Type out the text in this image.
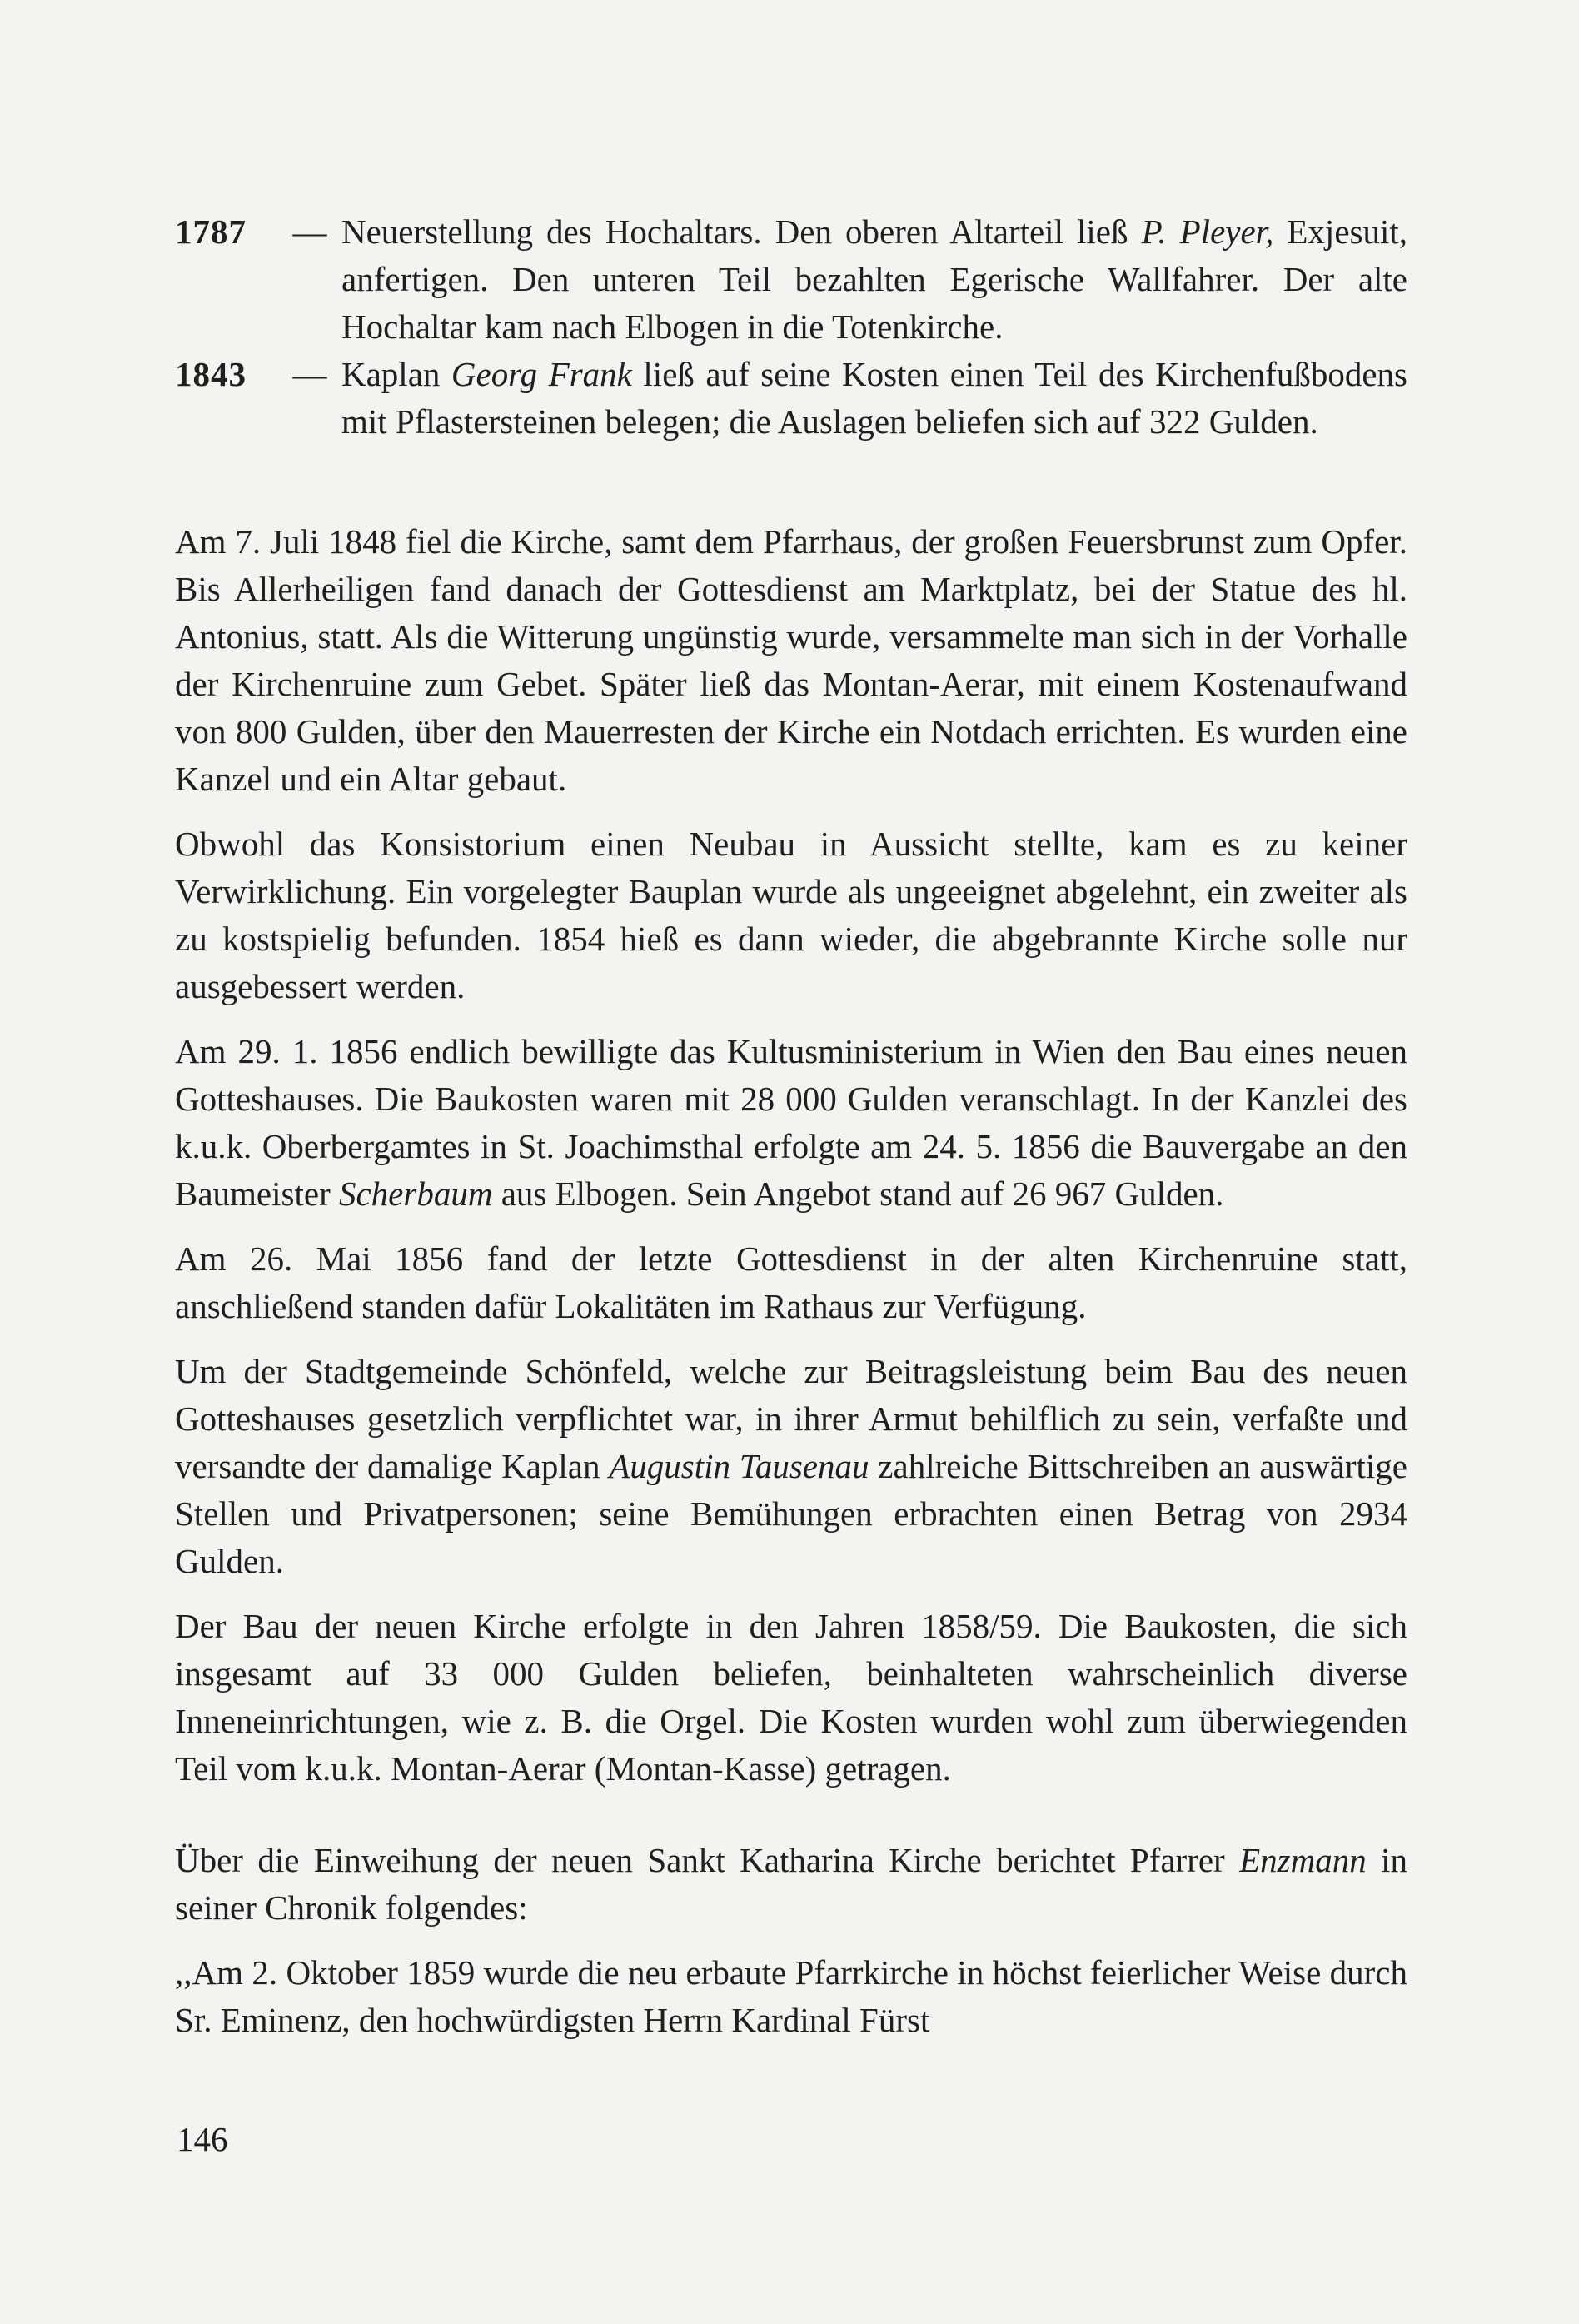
1787	— Neuerstellung des Hochaltars. Den oberen Altarteil ließ P. Pleyer, Exjesuit, anfertigen. Den unteren Teil bezahlten Egerische Wallfahrer. Der alte Hochaltar kam nach Elbogen in die Totenkirche.
1843	— Kaplan Georg Frank ließ auf seine Kosten einen Teil des Kirchenfußbodens mit Pflastersteinen belegen; die Auslagen beliefen sich auf 322 Gulden.

Am 7. Juli 1848 fiel die Kirche, samt dem Pfarrhaus, der großen Feuersbrunst zum Opfer. Bis Allerheiligen fand danach der Gottesdienst am Marktplatz, bei der Statue des hl. Antonius, statt. Als die Witterung ungünstig wurde, versammelte man sich in der Vorhalle der Kirchenruine zum Gebet. Später ließ das Montan-Aerar, mit einem Kostenaufwand von 800 Gulden, über den Mauerresten der Kirche ein Notdach errichten. Es wurden eine Kanzel und ein Altar gebaut.

Obwohl das Konsistorium einen Neubau in Aussicht stellte, kam es zu keiner Verwirklichung. Ein vorgelegter Bauplan wurde als ungeeignet abgelehnt, ein zweiter als zu kostspielig befunden. 1854 hieß es dann wieder, die abgebrannte Kirche solle nur ausgebessert werden.

Am 29. 1. 1856 endlich bewilligte das Kultusministerium in Wien den Bau eines neuen Gotteshauses. Die Baukosten waren mit 28 000 Gulden veranschlagt. In der Kanzlei des k.u.k. Oberbergamtes in St. Joachimsthal erfolgte am 24. 5. 1856 die Bauvergabe an den Baumeister Scherbaum aus Elbogen. Sein Angebot stand auf 26 967 Gulden.

Am 26. Mai 1856 fand der letzte Gottesdienst in der alten Kirchenruine statt, anschließend standen dafür Lokalitäten im Rathaus zur Verfügung.

Um der Stadtgemeinde Schönfeld, welche zur Beitragsleistung beim Bau des neuen Gotteshauses gesetzlich verpflichtet war, in ihrer Armut behilflich zu sein, verfaßte und versandte der damalige Kaplan Augustin Tausenau zahlreiche Bittschreiben an auswärtige Stellen und Privatpersonen; seine Bemühungen erbrachten einen Betrag von 2934 Gulden.

Der Bau der neuen Kirche erfolgte in den Jahren 1858/59. Die Baukosten, die sich insgesamt auf 33 000 Gulden beliefen, beinhalteten wahrscheinlich diverse Inneneinrichtungen, wie z. B. die Orgel. Die Kosten wurden wohl zum überwiegenden Teil vom k.u.k. Montan-Aerar (Montan-Kasse) getragen.

Über die Einweihung der neuen Sankt Katharina Kirche berichtet Pfarrer Enzmann in seiner Chronik folgendes:

,,Am 2. Oktober 1859 wurde die neu erbaute Pfarrkirche in höchst feierlicher Weise durch Sr. Eminenz, den hochwürdigsten Herrn Kardinal Fürst

146
